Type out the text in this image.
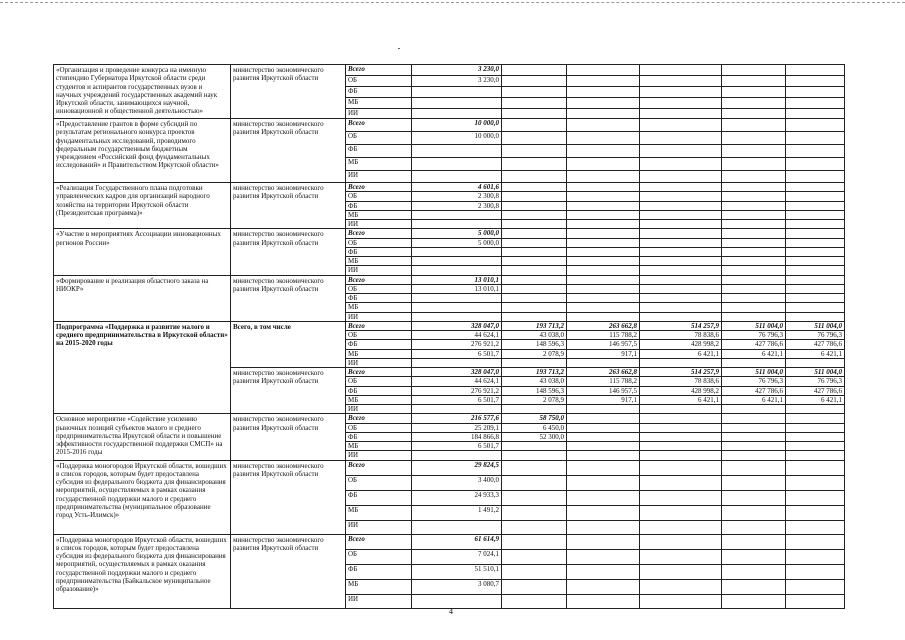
«Организация и проведение конкурса на именную стипендию Губернатора Иркутской области среди студентов и аспирантов государственных вузов и научных учреждений государственных академий наук Иркутской области, занимающихся научной, инновационной и общественной деятельностью»	министерство экономического развития Иркутской области	Всего	3 230,0					
		ОБ	3 230,0					
		ФБ						
		МБ						
		ИИ						
«Предоставление грантов в форме субсидий по результатам регионального конкурса проектов фундаментальных исследований, проводимого федеральным государственным бюджетным учреждением «Российский фонд фундаментальных исследований» и Правительством Иркутской области»	министерство экономического развития Иркутской области	Всего	10 000,0					
		ОБ	10 000,0					
		ФБ						
		МБ						
		ИИ						
«Реализация Государственного плана подготовки управленческих кадров для организаций народного хозяйства на территории Иркутской области (Президентская программа)»	министерство экономического развития Иркутской области	Всего	4 601,6					
		ОБ	2 300,8					
		ФБ	2 300,8					
		МБ						
		ИИ						
«Участие в мероприятиях Ассоциации инновационных регионов России»	министерство экономического развития Иркутской области	Всего	5 000,0					
		ОБ	5 000,0					
		ФБ						
		МБ						
		ИИ						
«Формирование и реализация областного заказа на НИОКР»	министерство экономического развития Иркутской области	Всего	13 010,1					
		ОБ	13 010,1					
		ФБ						
		МБ						
		ИИ						
Подпрограмма «Поддержка и развитие малого и среднего предпринимательства в Иркутской области» на 2015-2020 годы	Всего, в том числе	Всего	328 047,0	193 713,2	263 662,8	514 257,9	511 004,0	511 004,0
		ОБ	44 624,1	43 038,0	115 788,2	78 838,6	76 796,3	76 796,3
		ФБ	276 921,2	148 596,3	146 957,5	428 998,2	427 786,6	427 786,6
		МБ	6 501,7	2 078,9	917,1	6 421,1	6 421,1	6 421,1
		ИИ						
	министерство экономического развития Иркутской области	Всего	328 047,0	193 713,2	263 662,8	514 257,9	511 004,0	511 004,0
		ОБ	44 624,1	43 038,0	115 788,2	78 838,6	76 796,3	76 796,3
		ФБ	276 921,2	148 596,3	146 957,5	428 998,2	427 786,6	427 786,6
		МБ	6 501,7	2 078,9	917,1	6 421,1	6 421,1	6 421,1
		ИИ						
Основное мероприятие «Содействие усилению рыночных позиций субъектов малого и среднего предпринимательства Иркутской области и повышение эффективности государственной поддержки СМСП» на 2015-2016 годы	министерство экономического развития Иркутской области	Всего	216 577,6	58 750,0				
		ОБ	25 209,1	6 450,0				
		ФБ	184 866,8	52 300,0				
		МБ	6 501,7					
		ИИ						
«Поддержка моногородов Иркутской области, вошедших в список городов, которым будет предоставлена субсидия из федерального бюджета для финансирования мероприятий, осуществляемых в рамках оказания государственной поддержки малого и среднего предпринимательства (муниципальное образование город Усть-Илимск)»	министерство экономического развития Иркутской области	Всего	29 824,5					
		ОБ	3 400,0					
		ФБ	24 933,3					
		МБ	1 491,2					
		ИИ						
«Поддержка моногородов Иркутской области, вошедших в список городов, которым будет предоставлена субсидия из федерального бюджета для финансирования мероприятий, осуществляемых в рамках оказания государственной поддержки малого и среднего предпринимательства (Байкальское муниципальное образование)»	министерство экономического развития Иркутской области	Всего	61 614,9					
		ОБ	7 024,1					
		ФБ	51 510,1					
		МБ	3 080,7					
		ИИ						
4
